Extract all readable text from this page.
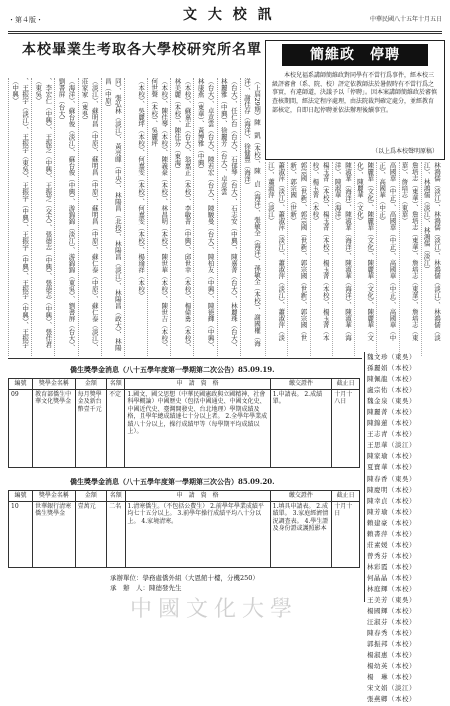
・第４版・	文 大 校 訊	中華民國八十五年十月五日
本校畢業生考取各大學校研究所名單	簡維政　停聘
本校兒福系講師簡維政對同學有不當行爲事件，經本校三級評審會（系、院、校）評定依教師法於暑假時有不當行爲之事實，有違師道，決議予以「停聘」。因本案講師簡維政於審慎查核期間，經法定程序處理，由法院裁判確定處分，並經教育部核定，自即日起停聘並依法辦理後續事宜。
（以上爲本校聲明原稿）
（上屆29期）陳　凱（本校）、陳　貞（海洋）、張敏全（海洋）、孫敏全（本校）、謝國權（海洋）、謝佳存（海洋）、徐健豐（海洋）
（台大）、任仁台（台大）、石郁琴（台大）、石志安（中興）、陳嘉菁（台大）、林麗珠（台大）、林麗雅（中興）、徐麗芳（台大）、卓意雲
（台大）、卓意雲（台大）、陳若宏（台大）、陳駿曼（台大）、陳柏友（中興）、陳德輝（中興）、林康燕（東華）、黃博雅（中興）
（本校）、蘇嘉正（台大）、翁嘉正（本校）、李敏菁（中興）、邱世幸（本校）、楊偉勇（本校）、林美麗（本校）、陳佳芬（東海）
（本校）、陳佳琴（本校）、陳義豪（本校）、林昌明（本校）、陳世華（本校）、陳世吉（本校）、何世聲（本校）、吳麗坪
（本校）、吳麗坪（本校）、何嘉雯（本校）、何嘉雯（本校）、楊瑜祥（本校）
同）、張弘林（淡江）、黃亮暉（中央）、林陽昌（北投）、林陽昌（淡江）、林陽昌（政大）、林陽昌（中原）
（淡江）、蘇明昌（中原）、蘇明昌（中原）、蘇明昌（中原）、蘇仁泰（中原）、蘇仁泰（淡江）、莊家家（東吳）
（海洋）、蘇台俊（淡江）、蘇台俊（中興）、游錦錦（淡江）、游錦錦（東吳）、劉書屏（台大）、劉書屏（台大）
、李宏仁（中興）、王振芝（中興）、王振芝（交大）、張德志（中興）、張德志（中興）、張佳君（東吳）
、王振宇（淡江）、王振宇（東吳）、王振宇（中興）、王振宇（中興）、王振宇（中興）、王振宇（中興）
林鴻儒（淡江）、林鴻儒（淡江）、林鴻儒（淡江）、林鴻儒（淡江）、林鴻儒（淡江）、林鴻儒（淡江）
詹培志（東華）、詹培志（東華）、詹培志（東華）、詹培志（東華）、詹培志（東華）
高國華（中正）、高國華（中正）、高國華（中正）、高國華（中正）、高國華（中正）
陳麗華（文化）、陳麗華（文化）、陳麗華（文化）、陳麗華（文化）、陳麗華（文化）
陳淑華（海洋）、陳淑華（海洋）、陳淑華（海洋）、陳淑華（海洋）、陳淑華（海洋）
楊玉菁（本校）、楊玉菁（本校）、楊玉菁（本校）、楊玉菁（本校）、楊玉菁（本校）
郭宗國（世新）、郭宗國（世新）、郭宗國（世新）、郭宗國（世新）、郭宗國（世新）
蕭淑萍（淡江）、蕭淑萍（淡江）、蕭淑萍（淡江）、蕭淑萍（淡江）、蕭淑萍（淡江）
僑生獎學金消息（八十五學年度第一學期第二次公告）85.09.19.
編號	獎學金名稱	金額	名額	申　請　資　格	繳交證件	截止日
09	教育部僑生中華文化獎學金	每月獎學金及新台幣壹千元	不定	1.國文、國父思想（中華民國憲政與立國精神、社會科學概論）中國歷史（包括中國通史、中國文化史、中國近代史、臺灣開發史、台北地理）學期成績及格，且學年總成績達七十分以上者。 2.全學年學業成績八十分以上，操行成績甲等（每學期平均成績以上）。	1.申請表。 2.成績單。	十月十八日
僑生獎學金消息（八十五學年度第一學期第三次公告）85.09.20.
編號	獎學金名稱	金額	名額	申　請　資　格	繳交證件	截止日
10	世華銀行清寒僑生獎學金	壹萬元	二名	1.清寒僑生。（不包括公費生） 2.前學年學業成績平均七十五分以上。 3.前學年操行成績平均八十分以上。 4.家境清寒。	1.填具申請表。 2.成績單。 3.家庭經濟情況調查表。 4.學生證及身份證或護照影本	十月十日
承辦單位：學務處僑外組（大恩館十樓，分機250）
承　辦　人：陳德發先生
魏文珍（東吳）
孫麗娟（本校）
陳佩龍（本校）
盧宗佑（本校）
魏金泉（東吳）
陳麗菁（本校）
陳錦蓮（本校）
王志青（本校）
王思華（淡江）
陳家瑜（本校）
夏寶華（本校）
陳春香（東吳）
陳慶明（本校）
陳幸貞（本校）
陳芳瑜（本校）
賴建豪（本校）
賴書萍（本校）
莊素媛（本校）
曾秀芬（本校）
林彩霞（本校）
何晶晶（本校）
林庭輝（本校）
王美芳（東吳）
楊國輝（本校）
汪淑芬（本校）
陳春秀（本校）
郭振邦（本校）
楊淑惠（本校）
楊幼英（本校）
楊　琳（本校）
宋文娟（淡江）
張燕卿（本校）
中國文化大學
